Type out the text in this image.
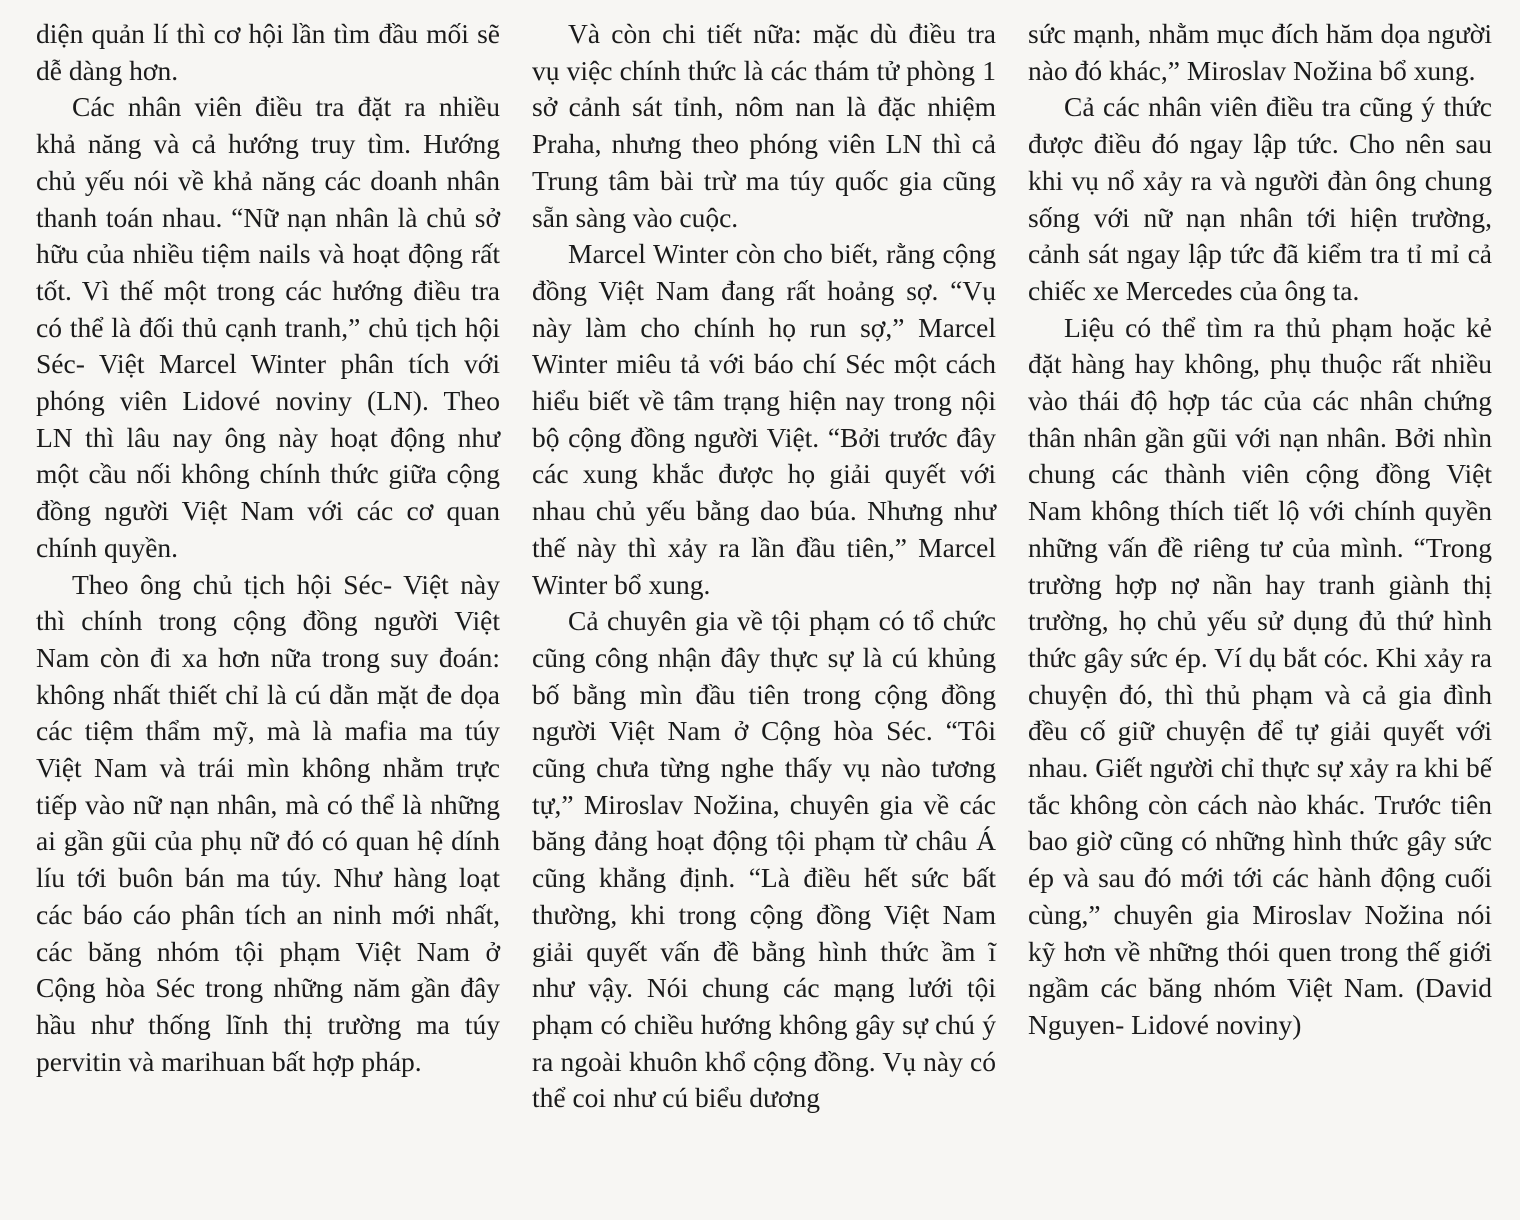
diện quản lí thì cơ hội lần tìm đầu mối sẽ dễ dàng hơn.

Các nhân viên điều tra đặt ra nhiều khả năng và cả hướng truy tìm. Hướng chủ yếu nói về khả năng các doanh nhân thanh toán nhau. “Nữ nạn nhân là chủ sở hữu của nhiều tiệm nails và hoạt động rất tốt. Vì thế một trong các hướng điều tra có thể là đối thủ cạnh tranh,” chủ tịch hội Séc- Việt Marcel Winter phân tích với phóng viên Lidové noviny (LN). Theo LN thì lâu nay ông này hoạt động như một cầu nối không chính thức giữa cộng đồng người Việt Nam với các cơ quan chính quyền.

Theo ông chủ tịch hội Séc- Việt này thì chính trong cộng đồng người Việt Nam còn đi xa hơn nữa trong suy đoán: không nhất thiết chỉ là cú dằn mặt đe dọa các tiệm thẩm mỹ, mà là mafia ma túy Việt Nam và trái mìn không nhằm trực tiếp vào nữ nạn nhân, mà có thể là những ai gần gũi của phụ nữ đó có quan hệ dính líu tới buôn bán ma túy. Như hàng loạt các báo cáo phân tích an ninh mới nhất, các băng nhóm tội phạm Việt Nam ở Cộng hòa Séc trong những năm gần đây hầu như thống lĩnh thị trường ma túy pervitin và marihuan bất hợp pháp.

Và còn chi tiết nữa: mặc dù điều tra vụ việc chính thức là các thám tử phòng 1 sở cảnh sát tỉnh, nôm nan là đặc nhiệm Praha, nhưng theo phóng viên LN thì cả Trung tâm bài trừ ma túy quốc gia cũng sẵn sàng vào cuộc.

Marcel Winter còn cho biết, rằng cộng đồng Việt Nam đang rất hoảng sợ. “Vụ này làm cho chính họ run sợ,” Marcel Winter miêu tả với báo chí Séc một cách hiểu biết về tâm trạng hiện nay trong nội bộ cộng đồng người Việt. “Bởi trước đây các xung khắc được họ giải quyết với nhau chủ yếu bằng dao búa. Nhưng như thế này thì xảy ra lần đầu tiên,” Marcel Winter bổ xung.

Cả chuyên gia về tội phạm có tổ chức cũng công nhận đây thực sự là cú khủng bố bằng mìn đầu tiên trong cộng đồng người Việt Nam ở Cộng hòa Séc. “Tôi cũng chưa từng nghe thấy vụ nào tương tự,” Miroslav Nožina, chuyên gia về các băng đảng hoạt động tội phạm từ châu Á cũng khẳng định. “Là điều hết sức bất thường, khi trong cộng đồng Việt Nam giải quyết vấn đề bằng hình thức ầm ĩ như vậy. Nói chung các mạng lưới tội phạm có chiều hướng không gây sự chú ý ra ngoài khuôn khổ cộng đồng. Vụ này có thể coi như cú biểu dương

sức mạnh, nhằm mục đích hăm dọa người nào đó khác,” Miroslav Nožina bổ xung.

Cả các nhân viên điều tra cũng ý thức được điều đó ngay lập tức. Cho nên sau khi vụ nổ xảy ra và người đàn ông chung sống với nữ nạn nhân tới hiện trường, cảnh sát ngay lập tức đã kiểm tra tỉ mỉ cả chiếc xe Mercedes của ông ta.

Liệu có thể tìm ra thủ phạm hoặc kẻ đặt hàng hay không, phụ thuộc rất nhiều vào thái độ hợp tác của các nhân chứng thân nhân gần gũi với nạn nhân. Bởi nhìn chung các thành viên cộng đồng Việt Nam không thích tiết lộ với chính quyền những vấn đề riêng tư của mình. “Trong trường hợp nợ nần hay tranh giành thị trường, họ chủ yếu sử dụng đủ thứ hình thức gây sức ép. Ví dụ bắt cóc. Khi xảy ra chuyện đó, thì thủ phạm và cả gia đình đều cố giữ chuyện để tự giải quyết với nhau. Giết người chỉ thực sự xảy ra khi bế tắc không còn cách nào khác. Trước tiên bao giờ cũng có những hình thức gây sức ép và sau đó mới tới các hành động cuối cùng,” chuyên gia Miroslav Nožina nói kỹ hơn về những thói quen trong thế giới ngầm các băng nhóm Việt Nam. (David Nguyen- Lidové noviny)
